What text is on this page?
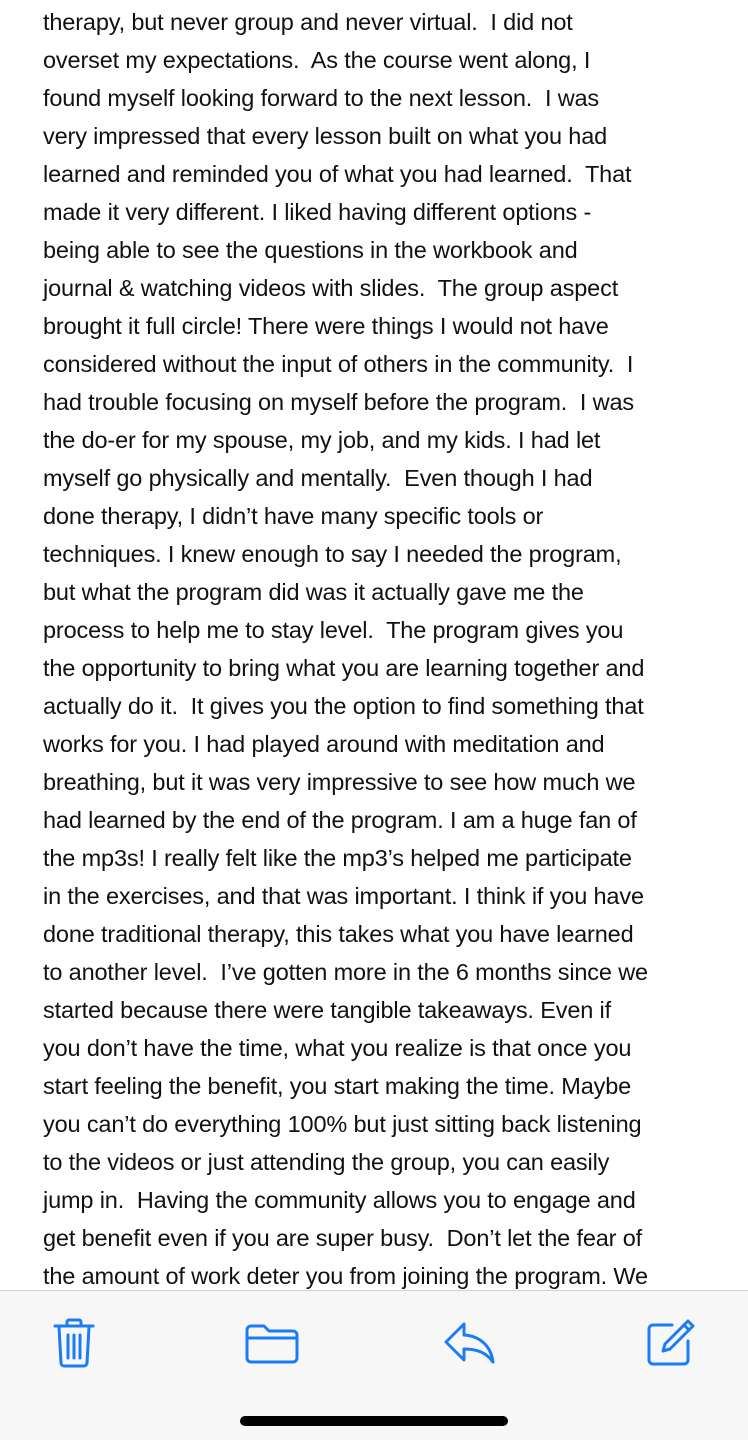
therapy, but never group and never virtual.  I did not
overset my expectations.  As the course went along, I
found myself looking forward to the next lesson.  I was
very impressed that every lesson built on what you had
learned and reminded you of what you had learned.  That
made it very different. I liked having different options -
being able to see the questions in the workbook and
journal & watching videos with slides.  The group aspect
brought it full circle! There were things I would not have
considered without the input of others in the community.  I
had trouble focusing on myself before the program.  I was
the do-er for my spouse, my job, and my kids. I had let
myself go physically and mentally.  Even though I had
done therapy, I didn’t have many specific tools or
techniques. I knew enough to say I needed the program,
but what the program did was it actually gave me the
process to help me to stay level.  The program gives you
the opportunity to bring what you are learning together and
actually do it.  It gives you the option to find something that
works for you. I had played around with meditation and
breathing, but it was very impressive to see how much we
had learned by the end of the program. I am a huge fan of
the mp3s! I really felt like the mp3’s helped me participate
in the exercises, and that was important. I think if you have
done traditional therapy, this takes what you have learned
to another level.  I’ve gotten more in the 6 months since we
started because there were tangible takeaways. Even if
you don’t have the time, what you realize is that once you
start feeling the benefit, you start making the time. Maybe
you can’t do everything 100% but just sitting back listening
to the videos or just attending the group, you can easily
jump in.  Having the community allows you to engage and
get benefit even if you are super busy.  Don’t let the fear of
the amount of work deter you from joining the program. We
